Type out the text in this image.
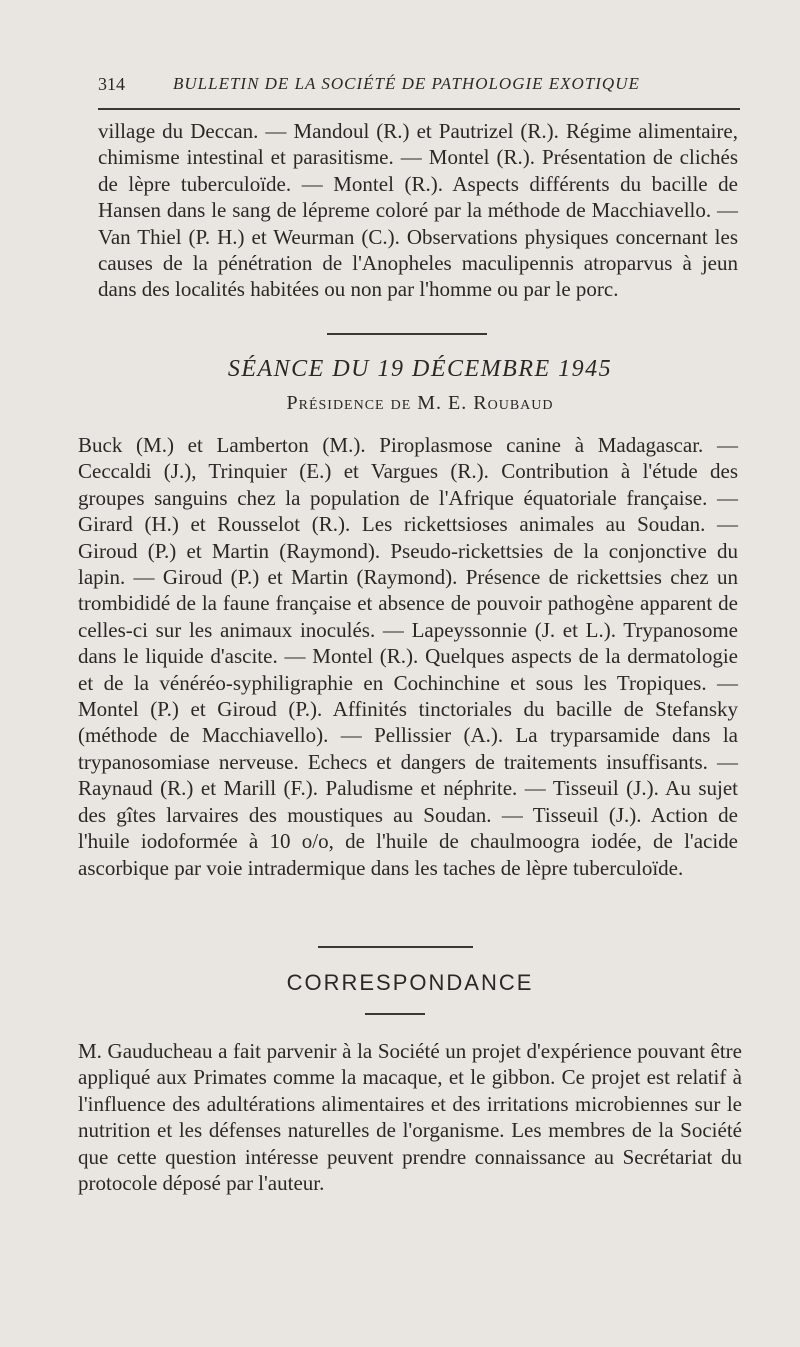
314	BULLETIN DE LA SOCIÉTÉ DE PATHOLOGIE EXOTIQUE

village du Deccan. — Mandoul (R.) et Pautrizel (R.). Régime alimentaire, chimisme intestinal et parasitisme. — Montel (R.). Présentation de clichés de lèpre tuberculoïde. — Montel (R.). Aspects différents du bacille de Hansen dans le sang de lépreme coloré par la méthode de Macchiavello. — Van Thiel (P. H.) et Weurman (C.). Observations physiques concernant les causes de la pénétration de l'Anopheles maculipennis atroparvus à jeun dans des localités habitées ou non par l'homme ou par le porc.

SÉANCE DU 19 DÉCEMBRE 1945

Présidence de M. E. Roubaud

Buck (M.) et Lamberton (M.). Piroplasmose canine à Madagascar. — Ceccaldi (J.), Trinquier (E.) et Vargues (R.). Contribution à l'étude des groupes sanguins chez la population de l'Afrique équatoriale française. — Girard (H.) et Rousselot (R.). Les rickettsioses animales au Soudan. — Giroud (P.) et Martin (Raymond). Pseudo-rickettsies de la conjonctive du lapin. — Giroud (P.) et Martin (Raymond). Présence de rickettsies chez un trombididé de la faune française et absence de pouvoir pathogène apparent de celles-ci sur les animaux inoculés. — Lapeyssonnie (J. et L.). Trypanosome dans le liquide d'ascite. — Montel (R.). Quelques aspects de la dermatologie et de la vénéréo-syphiligraphie en Cochinchine et sous les Tropiques. — Montel (P.) et Giroud (P.). Affinités tinctoriales du bacille de Stefansky (méthode de Macchiavello). — Pellissier (A.). La tryparsamide dans la trypanosomiase nerveuse. Echecs et dangers de traitements insuffisants. — Raynaud (R.) et Marill (F.). Paludisme et néphrite. — Tisseuil (J.). Au sujet des gîtes larvaires des moustiques au Soudan. — Tisseuil (J.). Action de l'huile iodoformée à 10 o/o, de l'huile de chaulmoogra iodée, de l'acide ascorbique par voie intradermique dans les taches de lèpre tuberculoïde.

CORRESPONDANCE

M. Gauducheau a fait parvenir à la Société un projet d'expérience pouvant être appliqué aux Primates comme la macaque, et le gibbon. Ce projet est relatif à l'influence des adultérations alimentaires et des irritations microbiennes sur le nutrition et les défenses naturelles de l'organisme. Les membres de la Société que cette question intéresse peuvent prendre connaissance au Secrétariat du protocole déposé par l'auteur.
